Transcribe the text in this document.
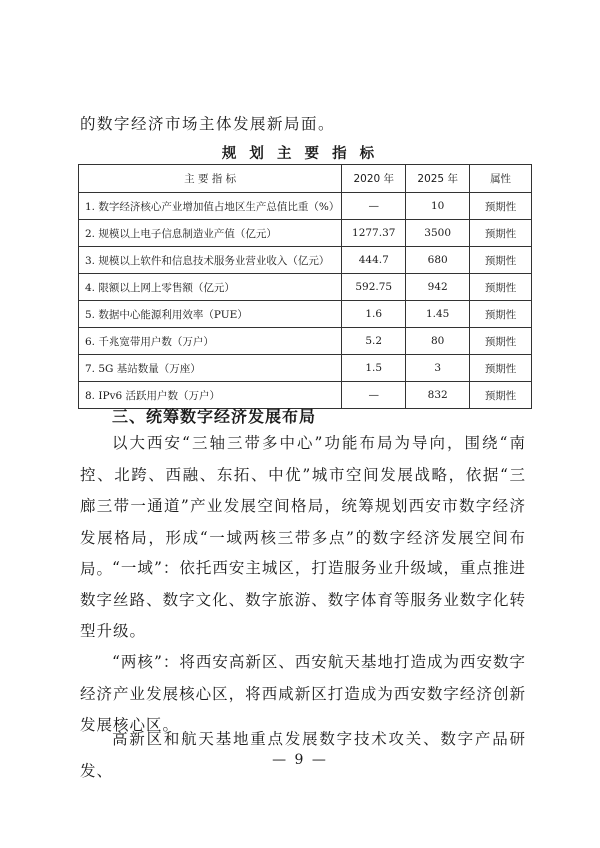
的数字经济市场主体发展新局面。
规 划 主 要 指 标
主 要 指 标	2020 年	2025 年	属性
1. 数字经济核心产业增加值占地区生产总值比重（%）	—	10	预期性
2. 规模以上电子信息制造业产值（亿元）	1277.37	3500	预期性
3. 规模以上软件和信息技术服务业营业收入（亿元）	444.7	680	预期性
4. 限额以上网上零售额（亿元）	592.75	942	预期性
5. 数据中心能源利用效率（PUE）	1.6	1.45	预期性
6. 千兆宽带用户数（万户）	5.2	80	预期性
7. 5G 基站数量（万座）	1.5	3	预期性
8. IPv6 活跃用户数（万户）	—	832	预期性
三、统筹数字经济发展布局

以大西安“三轴三带多中心”功能布局为导向，围绕“南控、北跨、西融、东拓、中优”城市空间发展战略，依据“三廊三带一通道”产业发展空间格局，统筹规划西安市数字经济发展格局，形成“一域两核三带多点”的数字经济发展空间布局。

“一域”：依托西安主城区，打造服务业升级域，重点推进数字丝路、数字文化、数字旅游、数字体育等服务业数字化转型升级。

“两核”：将西安高新区、西安航天基地打造成为西安数字经济产业发展核心区，将西咸新区打造成为西安数字经济创新发展核心区。

高新区和航天基地重点发展数字技术攻关、数字产品研发、

— 9 —
